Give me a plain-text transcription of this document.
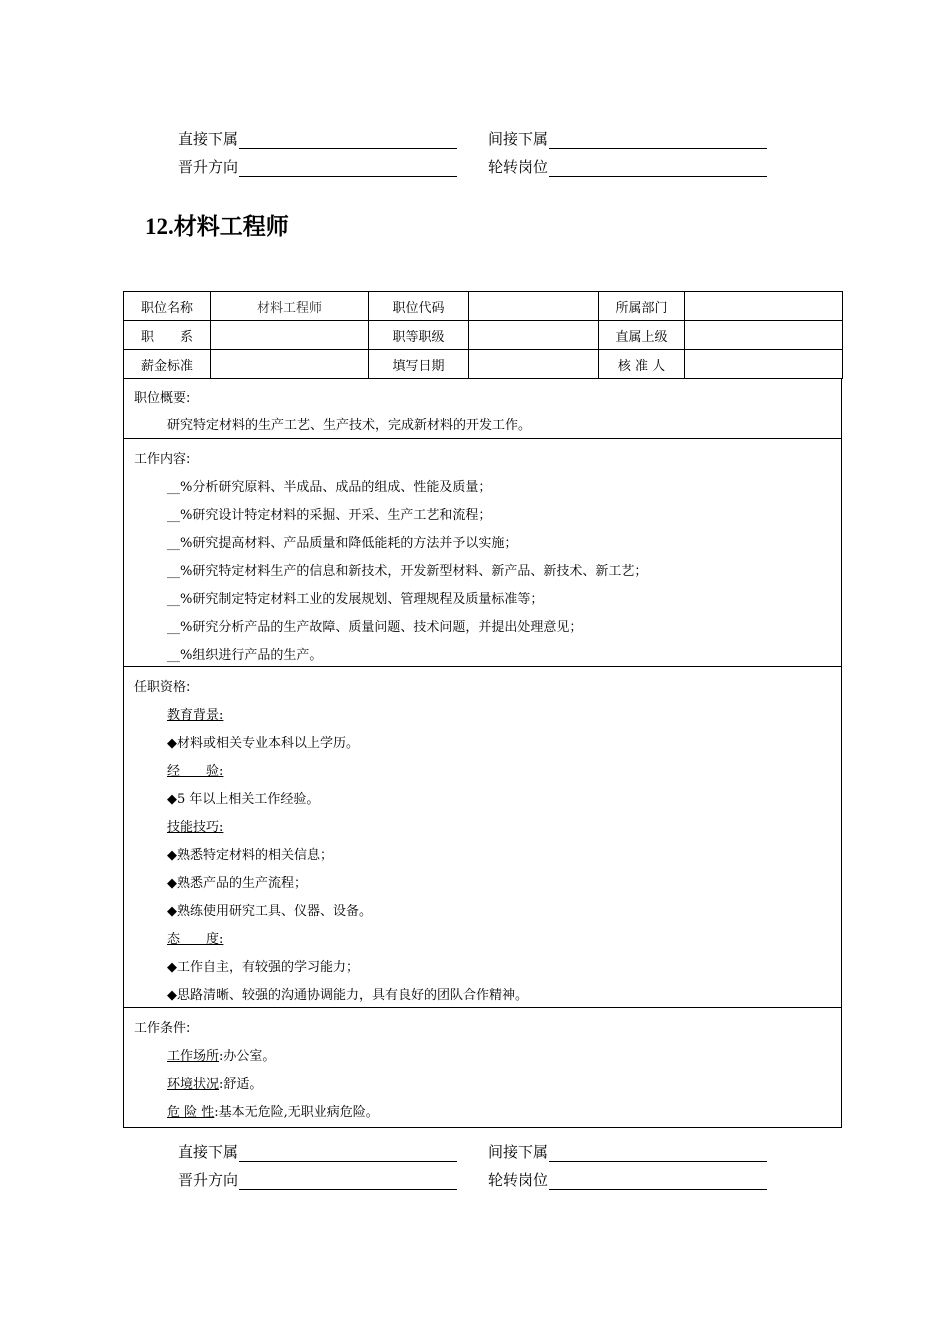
直接下属	间接下属
晋升方向	轮转岗位
12.材料工程师
职位名称	材料工程师	职位代码		所属部门	
职　　系		职等职级		直属上级	
薪金标准		填写日期		核 准 人	
职位概要:
研究特定材料的生产工艺、生产技术，完成新材料的开发工作。
工作内容:
__%分析研究原料、半成品、成品的组成、性能及质量；
__%研究设计特定材料的采掘、开采、生产工艺和流程；
__%研究提高材料、产品质量和降低能耗的方法并予以实施；
__%研究特定材料生产的信息和新技术，开发新型材料、新产品、新技术、新工艺；
__%研究制定特定材料工业的发展规划、管理规程及质量标准等；
__%研究分析产品的生产故障、质量问题、技术问题，并提出处理意见；
__%组织进行产品的生产。
任职资格:
教育背景:
◆材料或相关专业本科以上学历。
经　　验:
◆5 年以上相关工作经验。
技能技巧:
◆熟悉特定材料的相关信息；
◆熟悉产品的生产流程；
◆熟练使用研究工具、仪器、设备。
态　　度:
◆工作自主，有较强的学习能力；
◆思路清晰、较强的沟通协调能力，具有良好的团队合作精神。
工作条件:
工作场所:办公室。
环境状况:舒适。
危 险 性:基本无危险,无职业病危险。
直接下属	间接下属
晋升方向	轮转岗位
